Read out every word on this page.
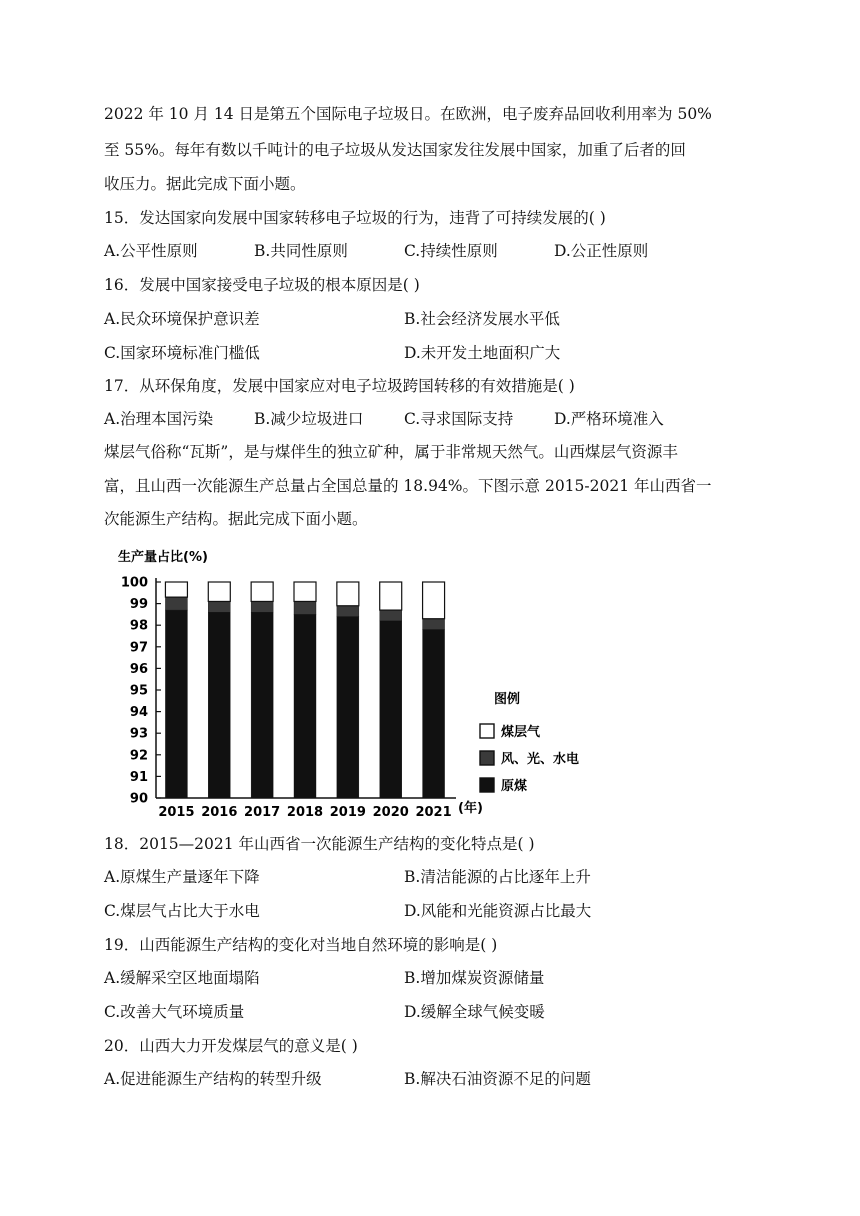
2022 年 10 月 14 日是第五个国际电子垃圾日。在欧洲，电子废弃品回收利用率为 50%
至 55%。每年有数以千吨计的电子垃圾从发达国家发往发展中国家，加重了后者的回
收压力。据此完成下面小题。
15．发达国家向发展中国家转移电子垃圾的行为，违背了可持续发展的( )
A.公平性原则	B.共同性原则	C.持续性原则	D.公正性原则
16．发展中国家接受电子垃圾的根本原因是( )
A.民众环境保护意识差	B.社会经济发展水平低
C.国家环境标准门槛低	D.未开发土地面积广大
17．从环保角度，发展中国家应对电子垃圾跨国转移的有效措施是( )
A.治理本国污染	B.减少垃圾进口	C.寻求国际支持	D.严格环境准入
煤层气俗称“瓦斯”，是与煤伴生的独立矿种，属于非常规天然气。山西煤层气资源丰
富，且山西一次能源生产总量占全国总量的 18.94%。下图示意 2015-2021 年山西省一
次能源生产结构。据此完成下面小题。
生产量占比(%)
2015 2016 2017 2018 2019 2020 2021
90
91
92
93
94
95
96
97
98
99
100
(年)
图例
煤层气
风、光、水电
原煤
18．2015—2021 年山西省一次能源生产结构的变化特点是( )
A.原煤生产量逐年下降	B.清洁能源的占比逐年上升
C.煤层气占比大于水电	D.风能和光能资源占比最大
19．山西能源生产结构的变化对当地自然环境的影响是( )
A.缓解采空区地面塌陷	B.增加煤炭资源储量
C.改善大气环境质量	D.缓解全球气候变暖
20．山西大力开发煤层气的意义是( )
A.促进能源生产结构的转型升级	B.解决石油资源不足的问题
